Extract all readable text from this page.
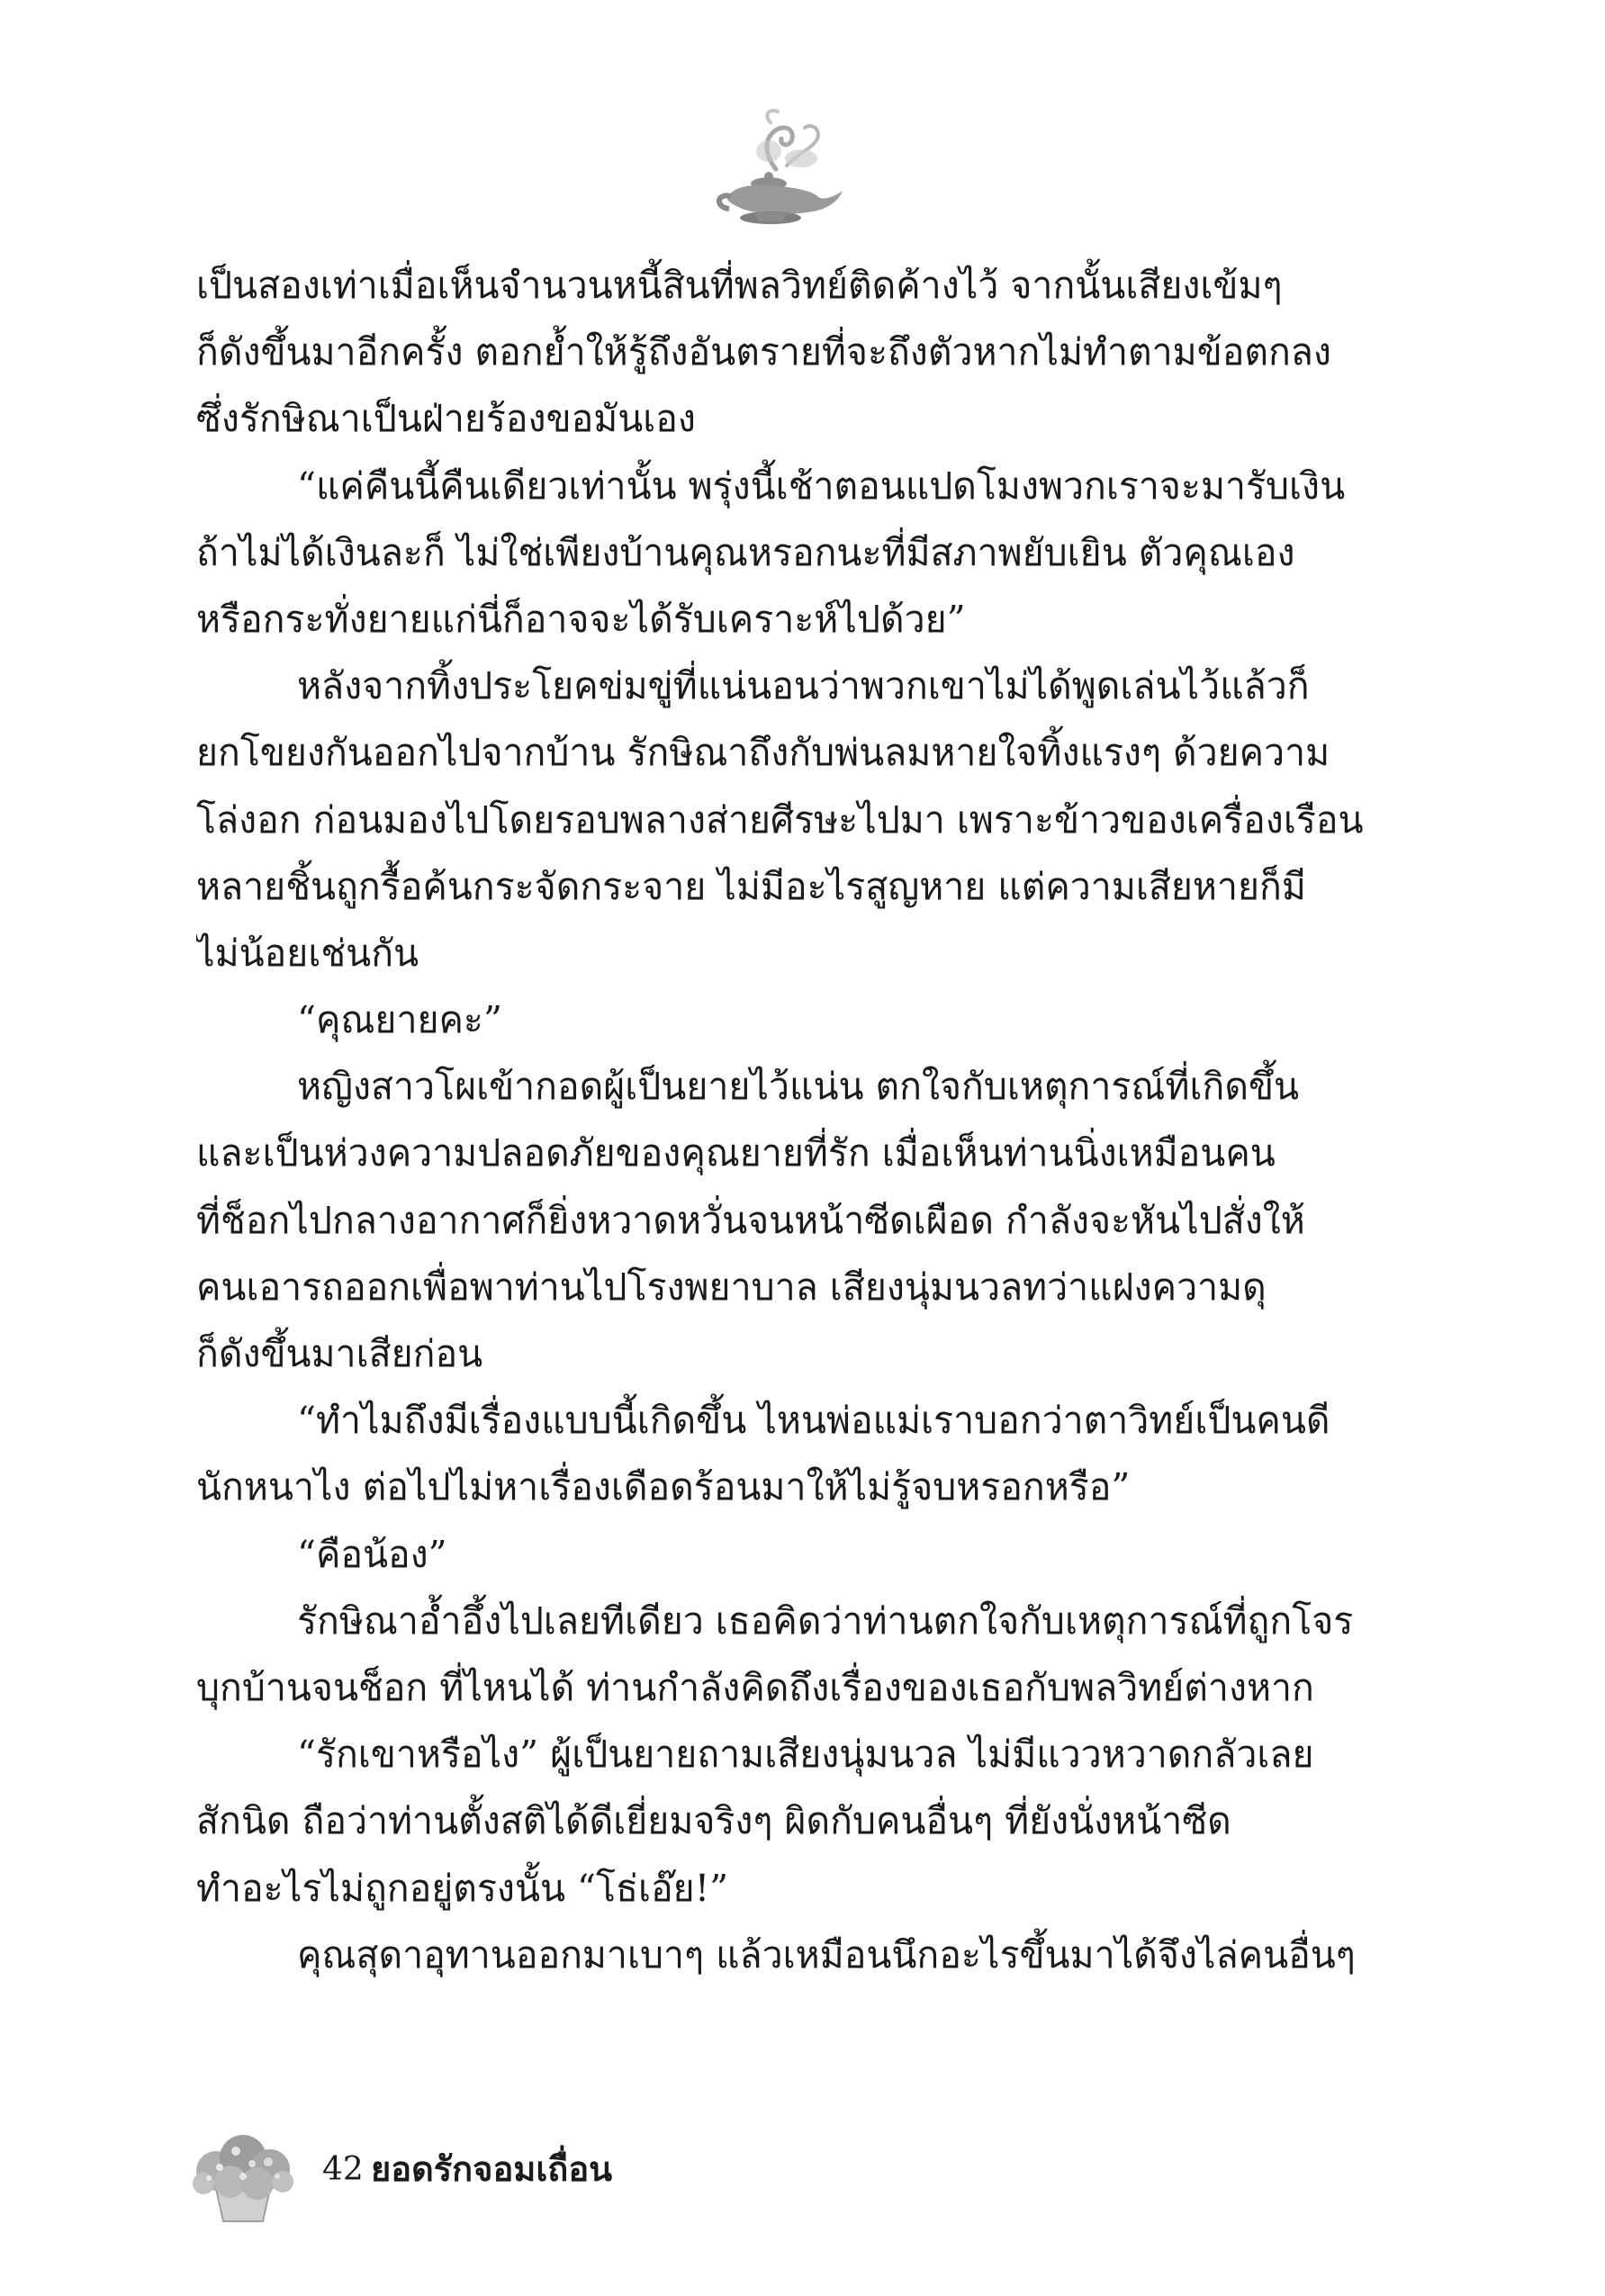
เป็นสองเท่าเมื่อเห็นจำนวนหนี้สินที่พลวิทย์ติดค้างไว้ จากนั้นเสียงเข้มๆ
ก็ดังขึ้นมาอีกครั้ง ตอกย้ำให้รู้ถึงอันตรายที่จะถึงตัวหากไม่ทำตามข้อตกลง
ซึ่งรักษิณาเป็นฝ่ายร้องขอมันเอง
“แค่คืนนี้คืนเดียวเท่านั้น พรุ่งนี้เช้าตอนแปดโมงพวกเราจะมารับเงิน
ถ้าไม่ได้เงินละก็ ไม่ใช่เพียงบ้านคุณหรอกนะที่มีสภาพยับเยิน ตัวคุณเอง
หรือกระทั่งยายแก่นี่ก็อาจจะได้รับเคราะห์ไปด้วย”
หลังจากทิ้งประโยคข่มขู่ที่แน่นอนว่าพวกเขาไม่ได้พูดเล่นไว้แล้วก็
ยกโขยงกันออกไปจากบ้าน รักษิณาถึงกับพ่นลมหายใจทิ้งแรงๆ ด้วยความ
โล่งอก ก่อนมองไปโดยรอบพลางส่ายศีรษะไปมา เพราะข้าวของเครื่องเรือน
หลายชิ้นถูกรื้อค้นกระจัดกระจาย ไม่มีอะไรสูญหาย แต่ความเสียหายก็มี
ไม่น้อยเช่นกัน
“คุณยายคะ”
หญิงสาวโผเข้ากอดผู้เป็นยายไว้แน่น ตกใจกับเหตุการณ์ที่เกิดขึ้น
และเป็นห่วงความปลอดภัยของคุณยายที่รัก เมื่อเห็นท่านนิ่งเหมือนคน
ที่ช็อกไปกลางอากาศก็ยิ่งหวาดหวั่นจนหน้าซีดเผือด กำลังจะหันไปสั่งให้
คนเอารถออกเพื่อพาท่านไปโรงพยาบาล เสียงนุ่มนวลทว่าแฝงความดุ
ก็ดังขึ้นมาเสียก่อน
“ทำไมถึงมีเรื่องแบบนี้เกิดขึ้น ไหนพ่อแม่เราบอกว่าตาวิทย์เป็นคนดี
นักหนาไง ต่อไปไม่หาเรื่องเดือดร้อนมาให้ไม่รู้จบหรอกหรือ”
“คือน้อง”
รักษิณาอ้ำอึ้งไปเลยทีเดียว เธอคิดว่าท่านตกใจกับเหตุการณ์ที่ถูกโจร
บุกบ้านจนช็อก ที่ไหนได้ ท่านกำลังคิดถึงเรื่องของเธอกับพลวิทย์ต่างหาก
“รักเขาหรือไง” ผู้เป็นยายถามเสียงนุ่มนวล ไม่มีแววหวาดกลัวเลย
สักนิด ถือว่าท่านตั้งสติได้ดีเยี่ยมจริงๆ ผิดกับคนอื่นๆ ที่ยังนั่งหน้าซีด
ทำอะไรไม่ถูกอยู่ตรงนั้น “โธ่เอ๊ย!”
คุณสุดาอุทานออกมาเบาๆ แล้วเหมือนนึกอะไรขึ้นมาได้จึงไล่คนอื่นๆ
42 ยอดรักจอมเถื่อน
